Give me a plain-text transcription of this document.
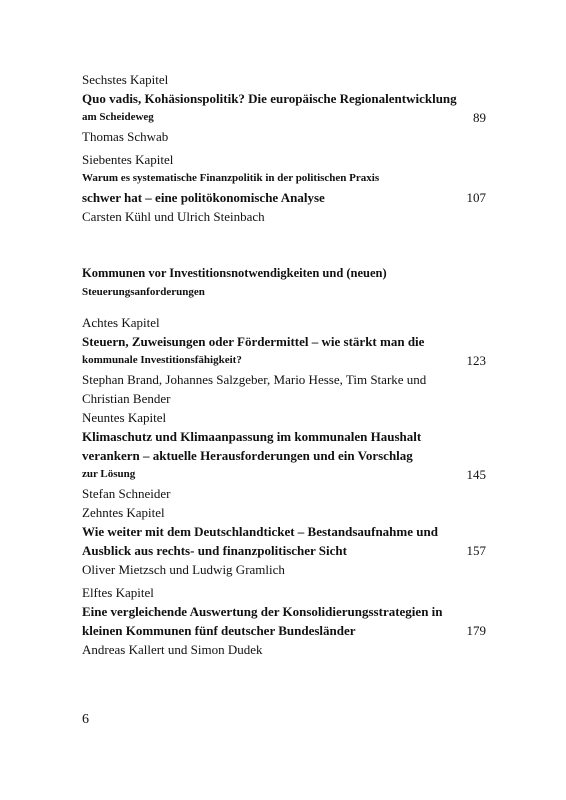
Sechstes Kapitel
Quo vadis, Kohäsionspolitik? Die europäische Regionalentwicklung
am Scheideweg
Thomas Schwab
89
Siebentes Kapitel
Warum es systematische Finanzpolitik in der politischen Praxis
schwer hat – eine politökonomische Analyse
Carsten Kühl und Ulrich Steinbach
107
Kommunen vor Investitionsnotwendigkeiten und (neuen)
Steuerungsanforderungen
Achtes Kapitel
Steuern, Zuweisungen oder Fördermittel – wie stärkt man die
kommunale Investitionsfähigkeit?
Stephan Brand, Johannes Salzgeber, Mario Hesse, Tim Starke und
Christian Bender
123
Neuntes Kapitel
Klimaschutz und Klimaanpassung im kommunalen Haushalt
verankern – aktuelle Herausforderungen und ein Vorschlag
zur Lösung
Stefan Schneider
145
Zehntes Kapitel
Wie weiter mit dem Deutschlandticket – Bestandsaufnahme und
Ausblick aus rechts- und finanzpolitischer Sicht
Oliver Mietzsch und Ludwig Gramlich
157
Elftes Kapitel
Eine vergleichende Auswertung der Konsolidierungsstrategien in
kleinen Kommunen fünf deutscher Bundesländer
Andreas Kallert und Simon Dudek
179
6
